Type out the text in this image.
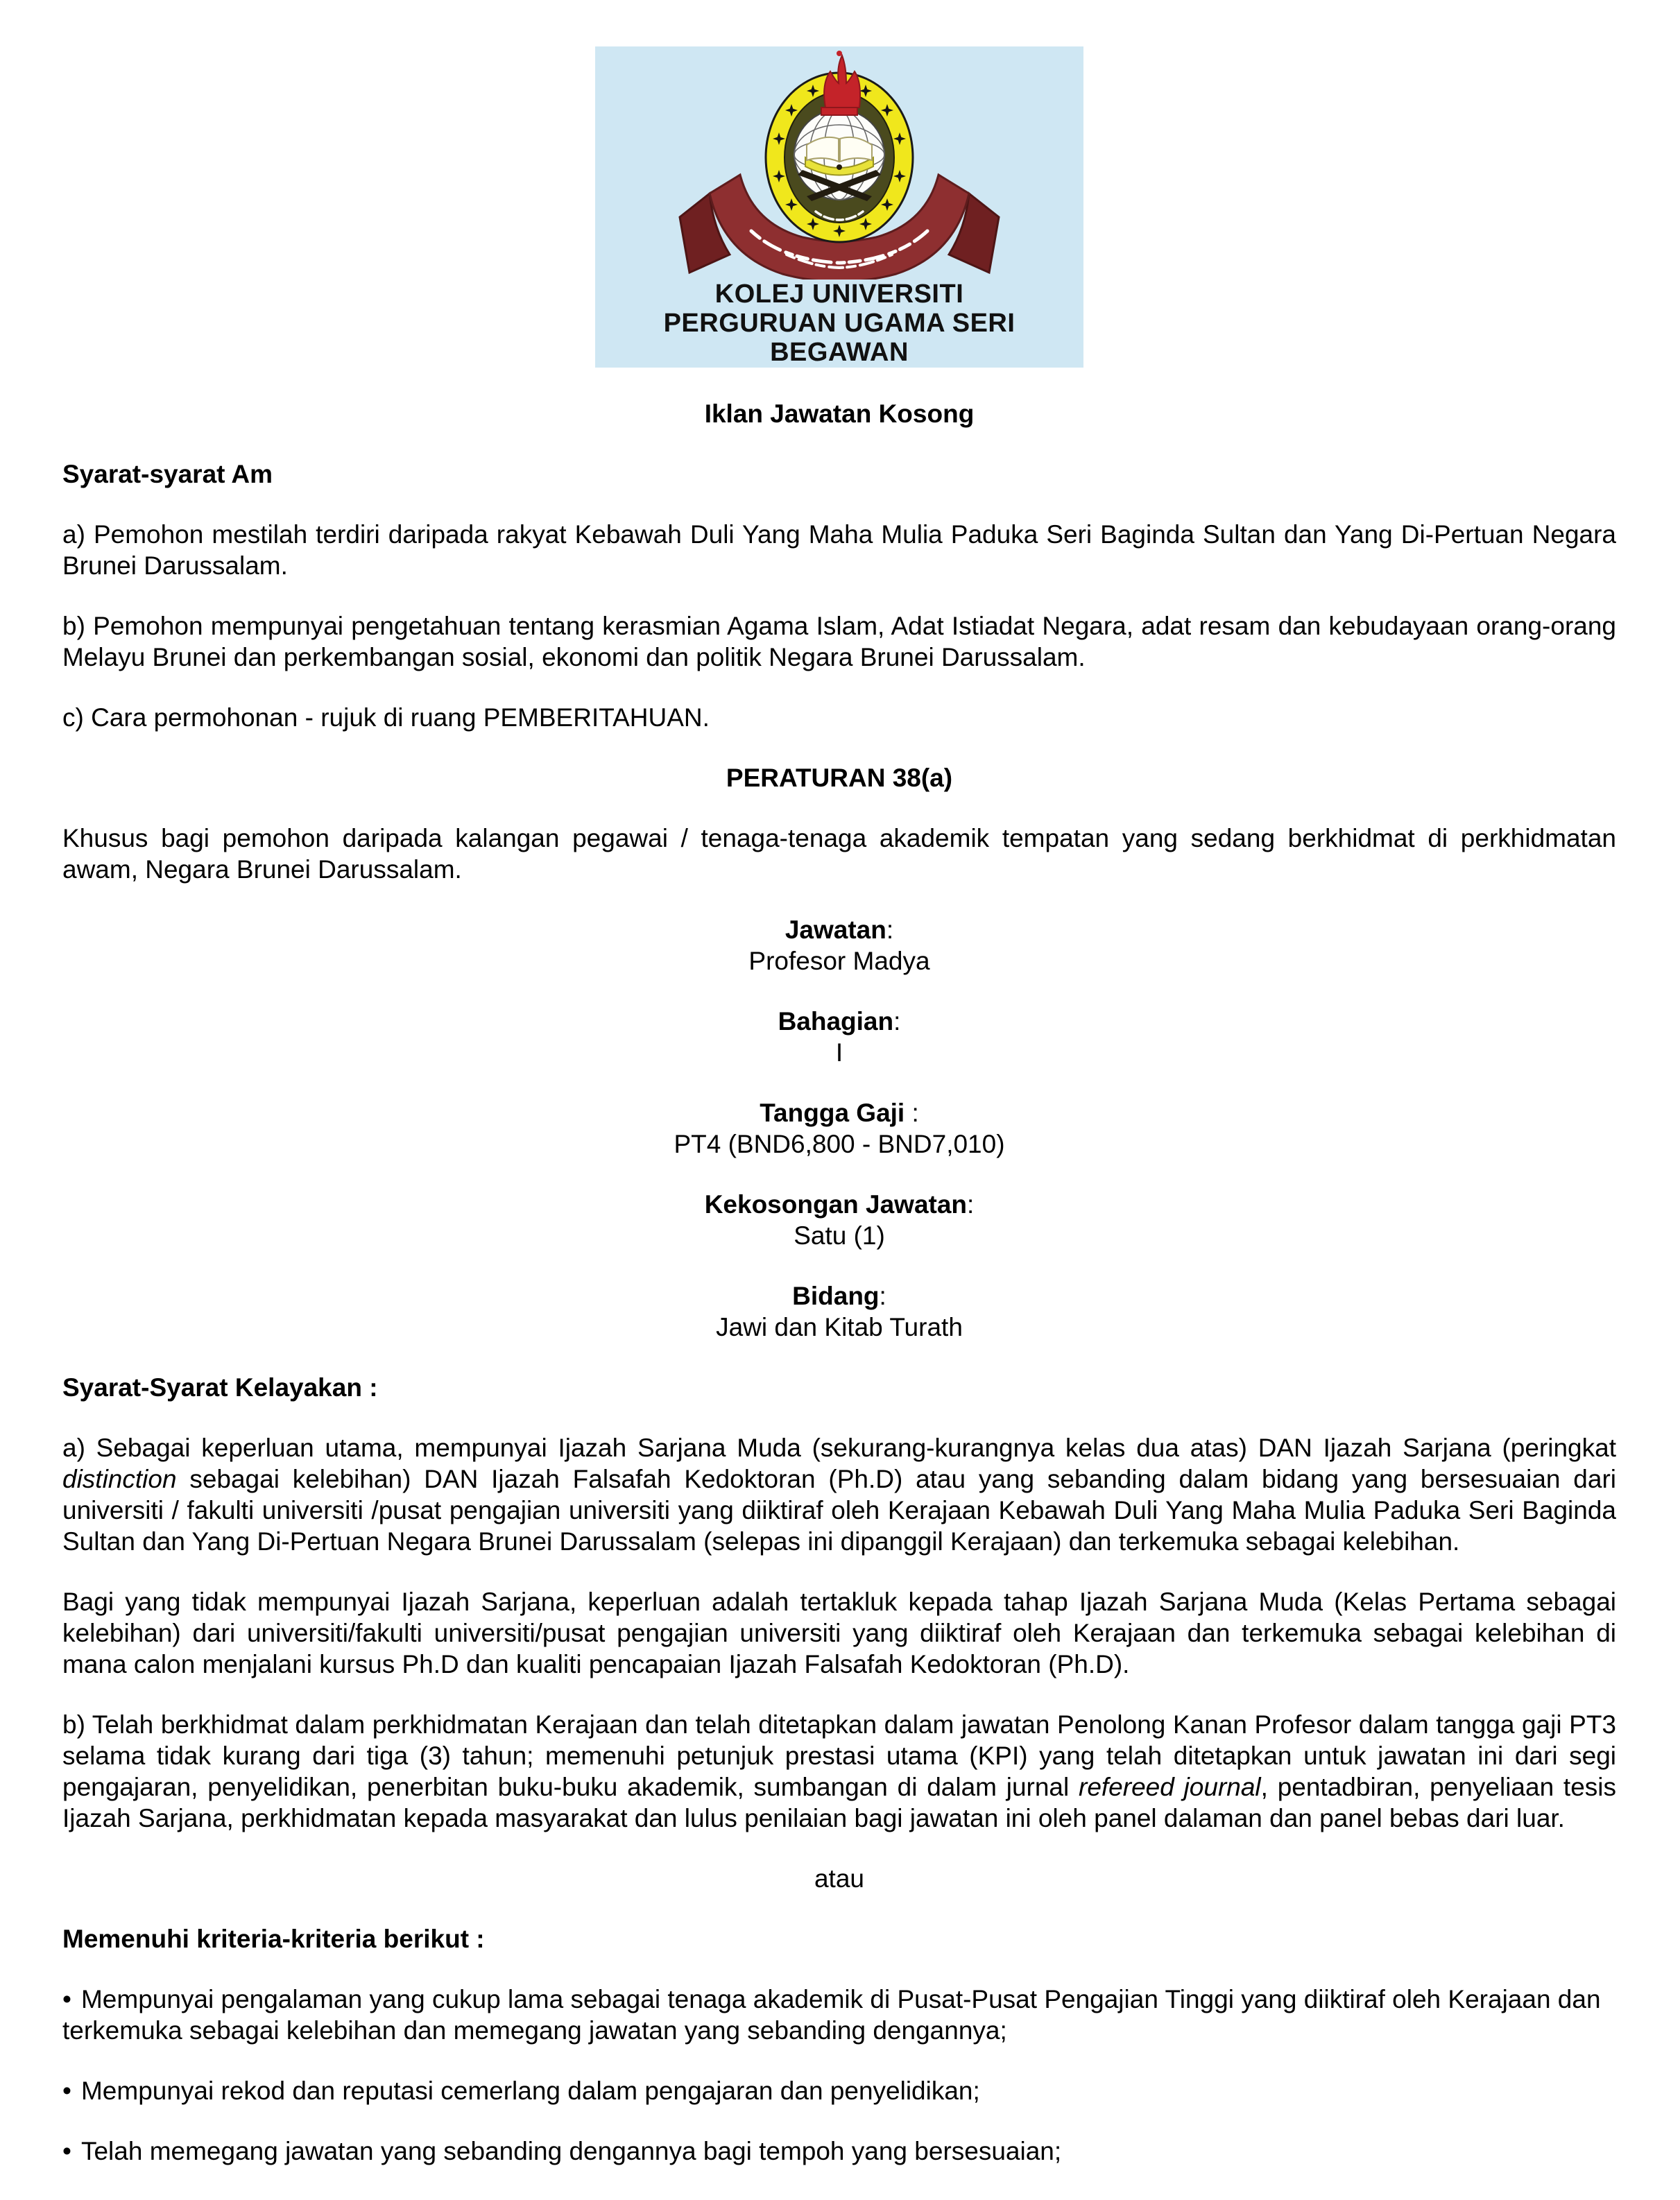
KOLEJ UNIVERSITI
PERGURUAN UGAMA SERI
BEGAWAN
Iklan Jawatan Kosong
Syarat-syarat Am

a) Pemohon mestilah terdiri daripada rakyat Kebawah Duli Yang Maha Mulia Paduka Seri Baginda Sultan dan Yang Di-Pertuan Negara Brunei Darussalam.

b) Pemohon mempunyai pengetahuan tentang kerasmian Agama Islam, Adat Istiadat Negara, adat resam dan kebudayaan orang-orang Melayu Brunei dan perkembangan sosial, ekonomi dan politik Negara Brunei Darussalam.

c) Cara permohonan - rujuk di ruang PEMBERITAHUAN.

PERATURAN 38(a)

Khusus bagi pemohon daripada kalangan pegawai / tenaga-tenaga akademik tempatan yang sedang berkhidmat di perkhidmatan awam, Negara Brunei Darussalam.

Jawatan:

Profesor Madya

Bahagian:

I

Tangga Gaji :

PT4 (BND6,800 - BND7,010)

Kekosongan Jawatan:

Satu (1)

Bidang:

Jawi dan Kitab Turath

Syarat-Syarat Kelayakan :

a) Sebagai keperluan utama, mempunyai Ijazah Sarjana Muda (sekurang-kurangnya kelas dua atas) DAN Ijazah Sarjana (peringkat distinction sebagai kelebihan) DAN Ijazah Falsafah Kedoktoran (Ph.D) atau yang sebanding dalam bidang yang bersesuaian dari universiti / fakulti universiti /pusat pengajian universiti yang diiktiraf oleh Kerajaan Kebawah Duli Yang Maha Mulia Paduka Seri Baginda Sultan dan Yang Di-Pertuan Negara Brunei Darussalam (selepas ini dipanggil Kerajaan) dan terkemuka sebagai kelebihan.

Bagi yang tidak mempunyai Ijazah Sarjana, keperluan adalah tertakluk kepada tahap Ijazah Sarjana Muda (Kelas Pertama sebagai kelebihan) dari universiti/fakulti universiti/pusat pengajian universiti yang diiktiraf oleh Kerajaan dan terkemuka sebagai kelebihan di mana calon menjalani kursus Ph.D dan kualiti pencapaian Ijazah Falsafah Kedoktoran (Ph.D).

b) Telah berkhidmat dalam perkhidmatan Kerajaan dan telah ditetapkan dalam jawatan Penolong Kanan Profesor dalam tangga gaji PT3 selama tidak kurang dari tiga (3) tahun; memenuhi petunjuk prestasi utama (KPI) yang telah ditetapkan untuk jawatan ini dari segi pengajaran, penyelidikan, penerbitan buku-buku akademik, sumbangan di dalam jurnal refereed journal, pentadbiran, penyeliaan tesis Ijazah Sarjana, perkhidmatan kepada masyarakat dan lulus penilaian bagi jawatan ini oleh panel dalaman dan panel bebas dari luar.

atau
Memenuhi kriteria-kriteria berikut :

• Mempunyai pengalaman yang cukup lama sebagai tenaga akademik di Pusat-Pusat Pengajian Tinggi yang diiktiraf oleh Kerajaan dan terkemuka sebagai kelebihan dan memegang jawatan yang sebanding dengannya;

• Mempunyai rekod dan reputasi cemerlang dalam pengajaran dan penyelidikan;

• Telah memegang jawatan yang sebanding dengannya bagi tempoh yang bersesuaian;
